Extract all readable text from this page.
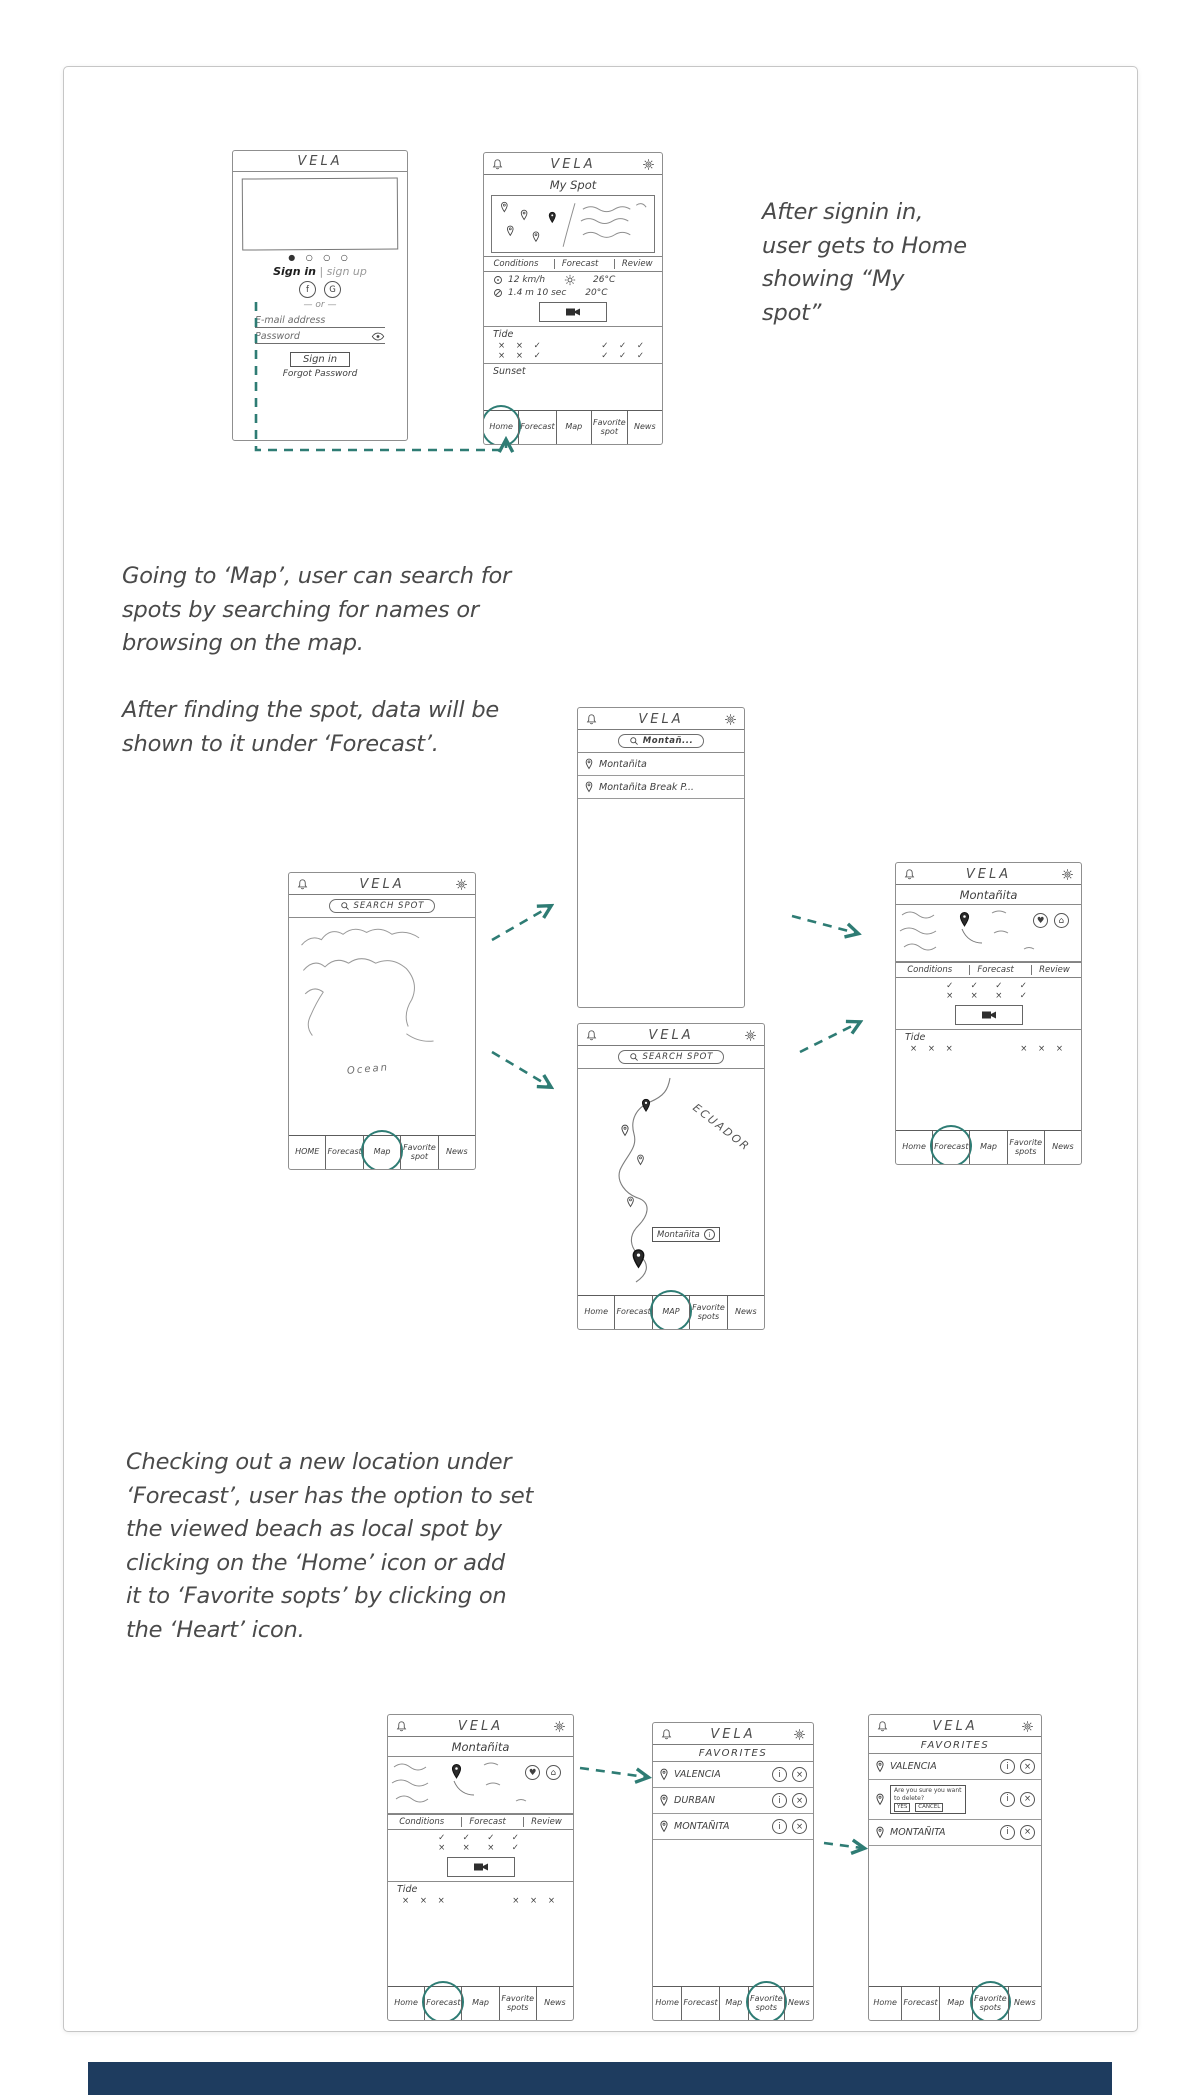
After signin in,
user gets to Home
showing “My
spot”
Going to ‘Map’, user can search for
spots by searching for names or
browsing on the map.
After finding the spot, data will be
shown to it under ‘Forecast’.
Checking out a new location under
‘Forecast’, user has the option to set
the viewed beach as local spot by
clicking on the ‘Home’ icon or add
it to ‘Favorite sopts’ by clicking on
the ‘Heart’ icon.
VELA
● ○ ○ ○
Sign in | sign up
f	G
— or —
E-mail address
Password
Sign in
Forgot Password
VELA
My Spot
Conditions	Forecast	Review
12 km/h	26°C
1.4 m 10 sec 20°C
Tide
× × ✓
× × ✓
✓ ✓ ✓
✓ ✓ ✓
Sunset
Home Forecast	Map
Favorite spot
News
VELA
SEARCH SPOT
Ocean
HOME	Forecast	Map
Favorite spot
News
VELA
Montañ...
Montañita
Montañita Break P...
VELA
SEARCH SPOT
ECUADOR
Montañita	i
Home	Forecast	MAP
Favorite spots
News
VELA
Montañita
♥	⌂
Conditions	Forecast	Review
✓  ✓  ✓  ✓
×  ×  ×  ✓
Tide
× × ×	× × ×
Home	Forecast	Map
Favorite spots
News
VELA
Montañita
♥	⌂
Conditions	Forecast	Review
✓  ✓  ✓  ✓
×  ×  ×  ✓
Tide
× × ×	× × ×
Home	Forecast	Map
Favorite spots
News
VELA
FAVORITES
VALENCIA	i	×
DURBAN	i	×
MONTAÑITA	i	×
Home Forecast Map
Favorite spots
News
VELA
FAVORITES
VALENCIA	i	×
Are you sure you want
to delete?
YES CANCEL
i	×
MONTAÑITA	i	×
Home Forecast	Map
Favorite spots
News
